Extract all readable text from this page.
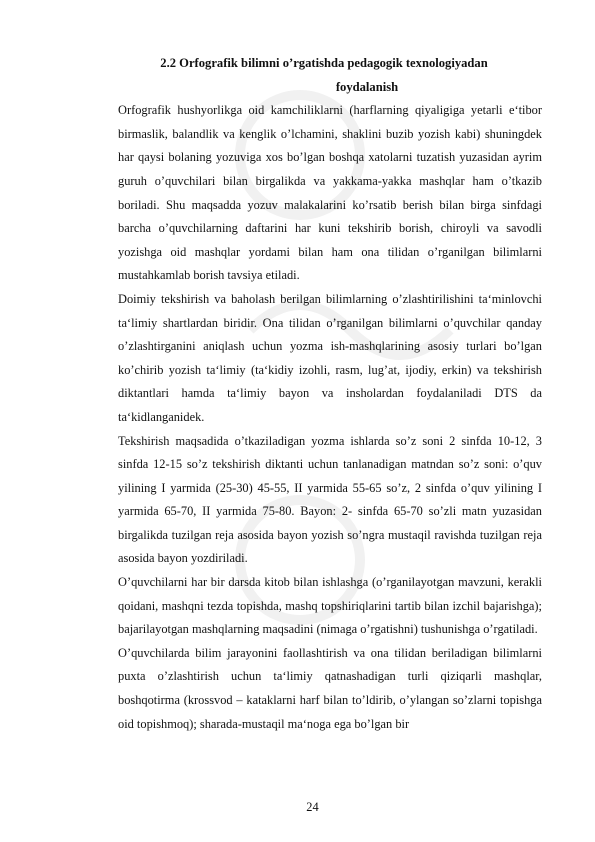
2.2 Orfografik bilimni o’rgatishda pedagogik texnologiyadan
foydalanish

Orfografik hushyorlikga oid kamchiliklarni (harflarning qiyaligiga yetarli e‘tibor birmaslik, balandlik va kenglik o’lchamini, shaklini buzib yozish kabi) shuningdek har qaysi bolaning yozuviga xos bo’lgan boshqa xatolarni tuzatish yuzasidan ayrim guruh o’quvchilari bilan birgalikda va yakkama-yakka mashqlar ham o’tkazib boriladi. Shu maqsadda yozuv malakalarini ko’rsatib berish bilan birga sinfdagi barcha o’quvchilarning daftarini har kuni tekshirib borish, chiroyli va savodli yozishga oid mashqlar yordami bilan ham ona tilidan o’rganilgan bilimlarni mustahkamlab borish tavsiya etiladi.

Doimiy tekshirish va baholash berilgan bilimlarning o’zlashtirilishini ta‘minlovchi ta‘limiy shartlardan biridir. Ona tilidan o’rganilgan bilimlarni o’quvchilar qanday o’zlashtirganini aniqlash uchun yozma ish-mashqlarining asosiy turlari bo’lgan ko’chirib yozish ta‘limiy (ta‘kidiy izohli, rasm, lug’at, ijodiy, erkin) va tekshirish diktantlari hamda ta‘limiy bayon va insholardan foydalaniladi DTS da ta‘kidlanganidek.

Tekshirish maqsadida o’tkaziladigan yozma ishlarda so’z soni 2 sinfda 10-12, 3 sinfda 12-15 so’z tekshirish diktanti uchun tanlanadigan matndan so’z soni: o’quv yilining I yarmida (25-30) 45-55, II yarmida 55-65 so’z, 2 sinfda o’quv yilining I yarmida 65-70, II yarmida 75-80. Bayon: 2- sinfda 65-70 so’zli matn yuzasidan birgalikda tuzilgan reja asosida bayon yozish so’ngra mustaqil ravishda tuzilgan reja asosida bayon yozdiriladi.

O’quvchilarni har bir darsda kitob bilan ishlashga (o’rganilayotgan mavzuni, kerakli qoidani, mashqni tezda topishda, mashq topshiriqlarini tartib bilan izchil bajarishga); bajarilayotgan mashqlarning maqsadini (nimaga o’rgatishni) tushunishga o’rgatiladi.

O’quvchilarda bilim jarayonini faollashtirish va ona tilidan beriladigan bilimlarni puxta o’zlashtirish uchun ta‘limiy qatnashadigan turli qiziqarli mashqlar, boshqotirma (krossvod – kataklarni harf bilan to’ldirib, o’ylangan so’zlarni topishga oid topishmoq); sharada-mustaqil ma‘noga ega bo’lgan bir

24
